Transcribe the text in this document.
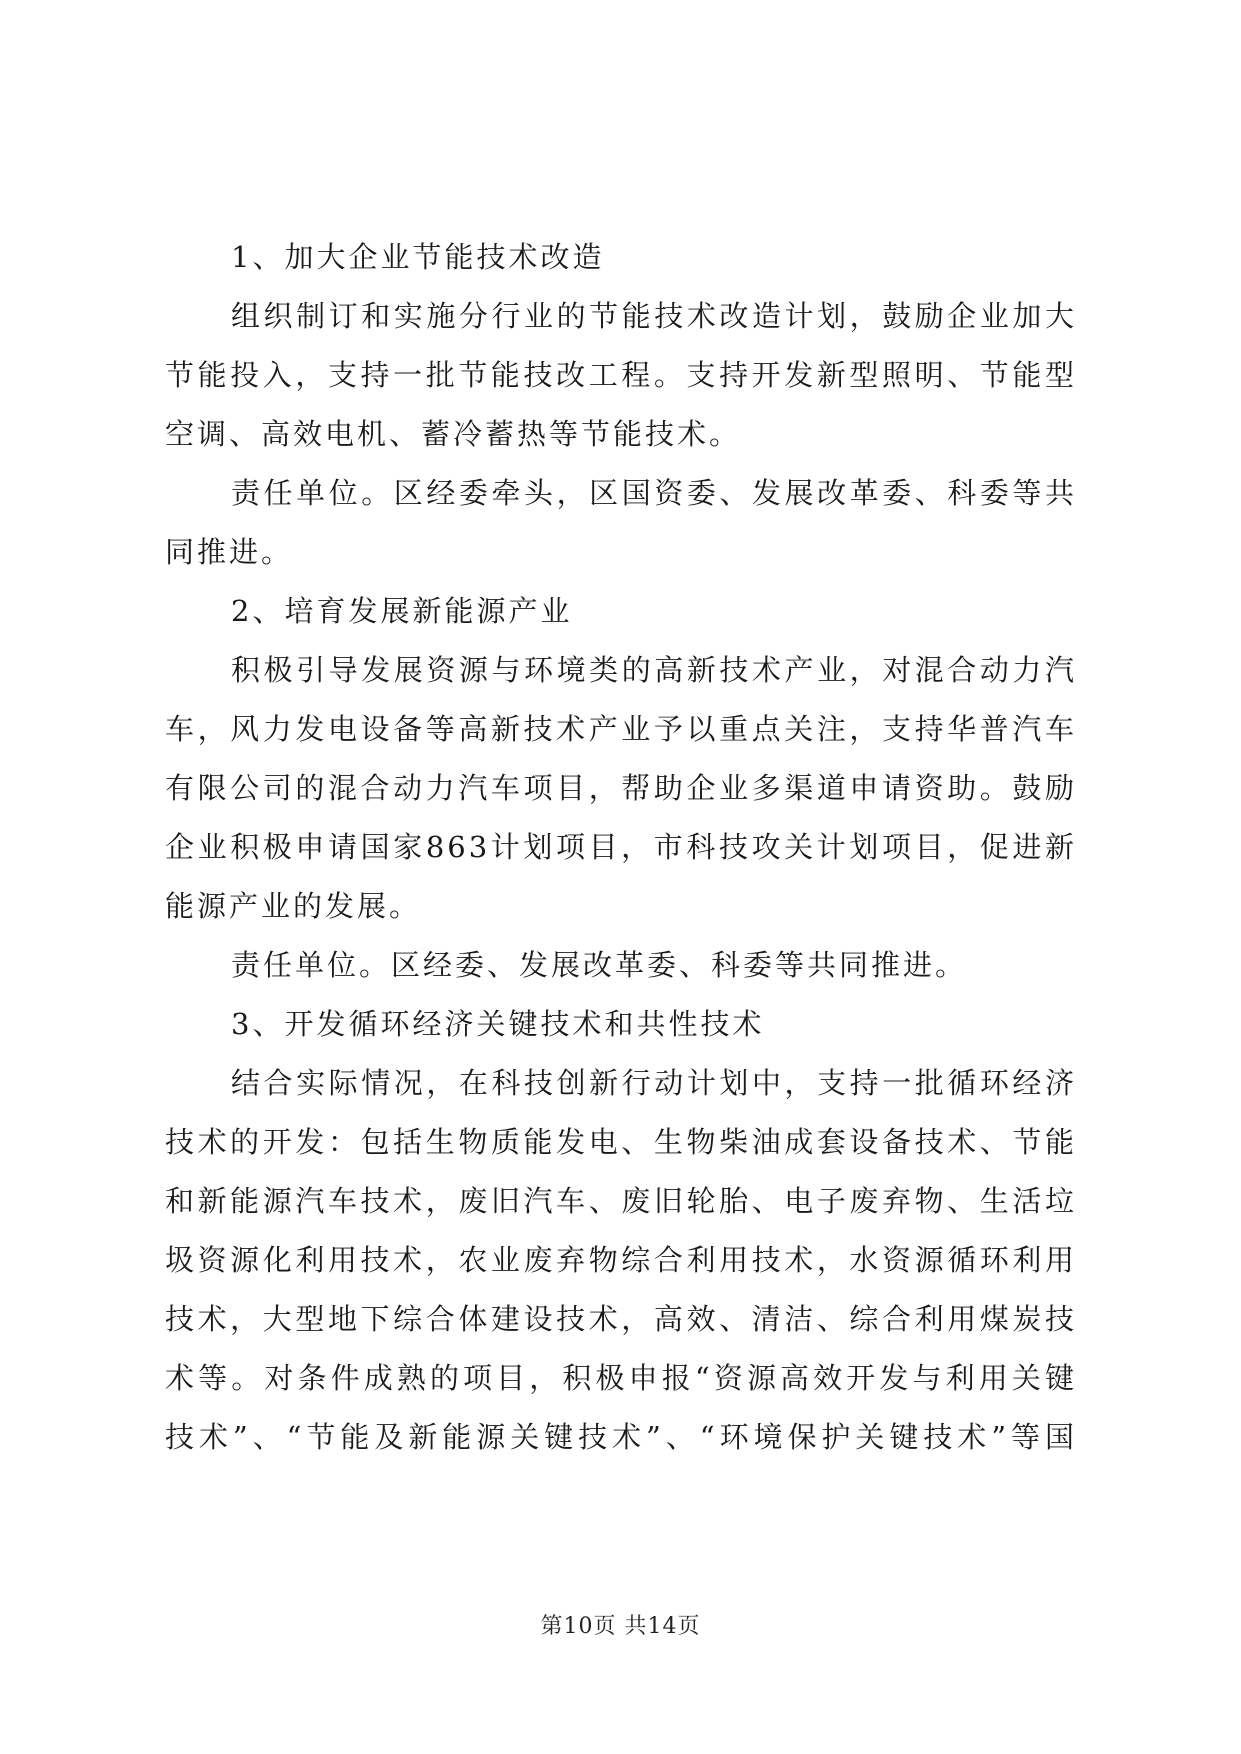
1、加大企业节能技术改造
组织制订和实施分行业的节能技术改造计划，鼓励企业加大
节能投入，支持一批节能技改工程。支持开发新型照明、节能型
空调、高效电机、蓄冷蓄热等节能技术。
责任单位。区经委牵头，区国资委、发展改革委、科委等共
同推进。
2、培育发展新能源产业
积极引导发展资源与环境类的高新技术产业，对混合动力汽
车，风力发电设备等高新技术产业予以重点关注，支持华普汽车
有限公司的混合动力汽车项目，帮助企业多渠道申请资助。鼓励
企业积极申请国家863计划项目，市科技攻关计划项目，促进新
能源产业的发展。
责任单位。区经委、发展改革委、科委等共同推进。
3、开发循环经济关键技术和共性技术
结合实际情况，在科技创新行动计划中，支持一批循环经济
技术的开发：包括生物质能发电、生物柴油成套设备技术、节能
和新能源汽车技术，废旧汽车、废旧轮胎、电子废弃物、生活垃
圾资源化利用技术，农业废弃物综合利用技术，水资源循环利用
技术，大型地下综合体建设技术，高效、清洁、综合利用煤炭技
术等。对条件成熟的项目，积极申报“资源高效开发与利用关键
技术”、“节能及新能源关键技术”、“环境保护关键技术”等国
第10页 共14页
